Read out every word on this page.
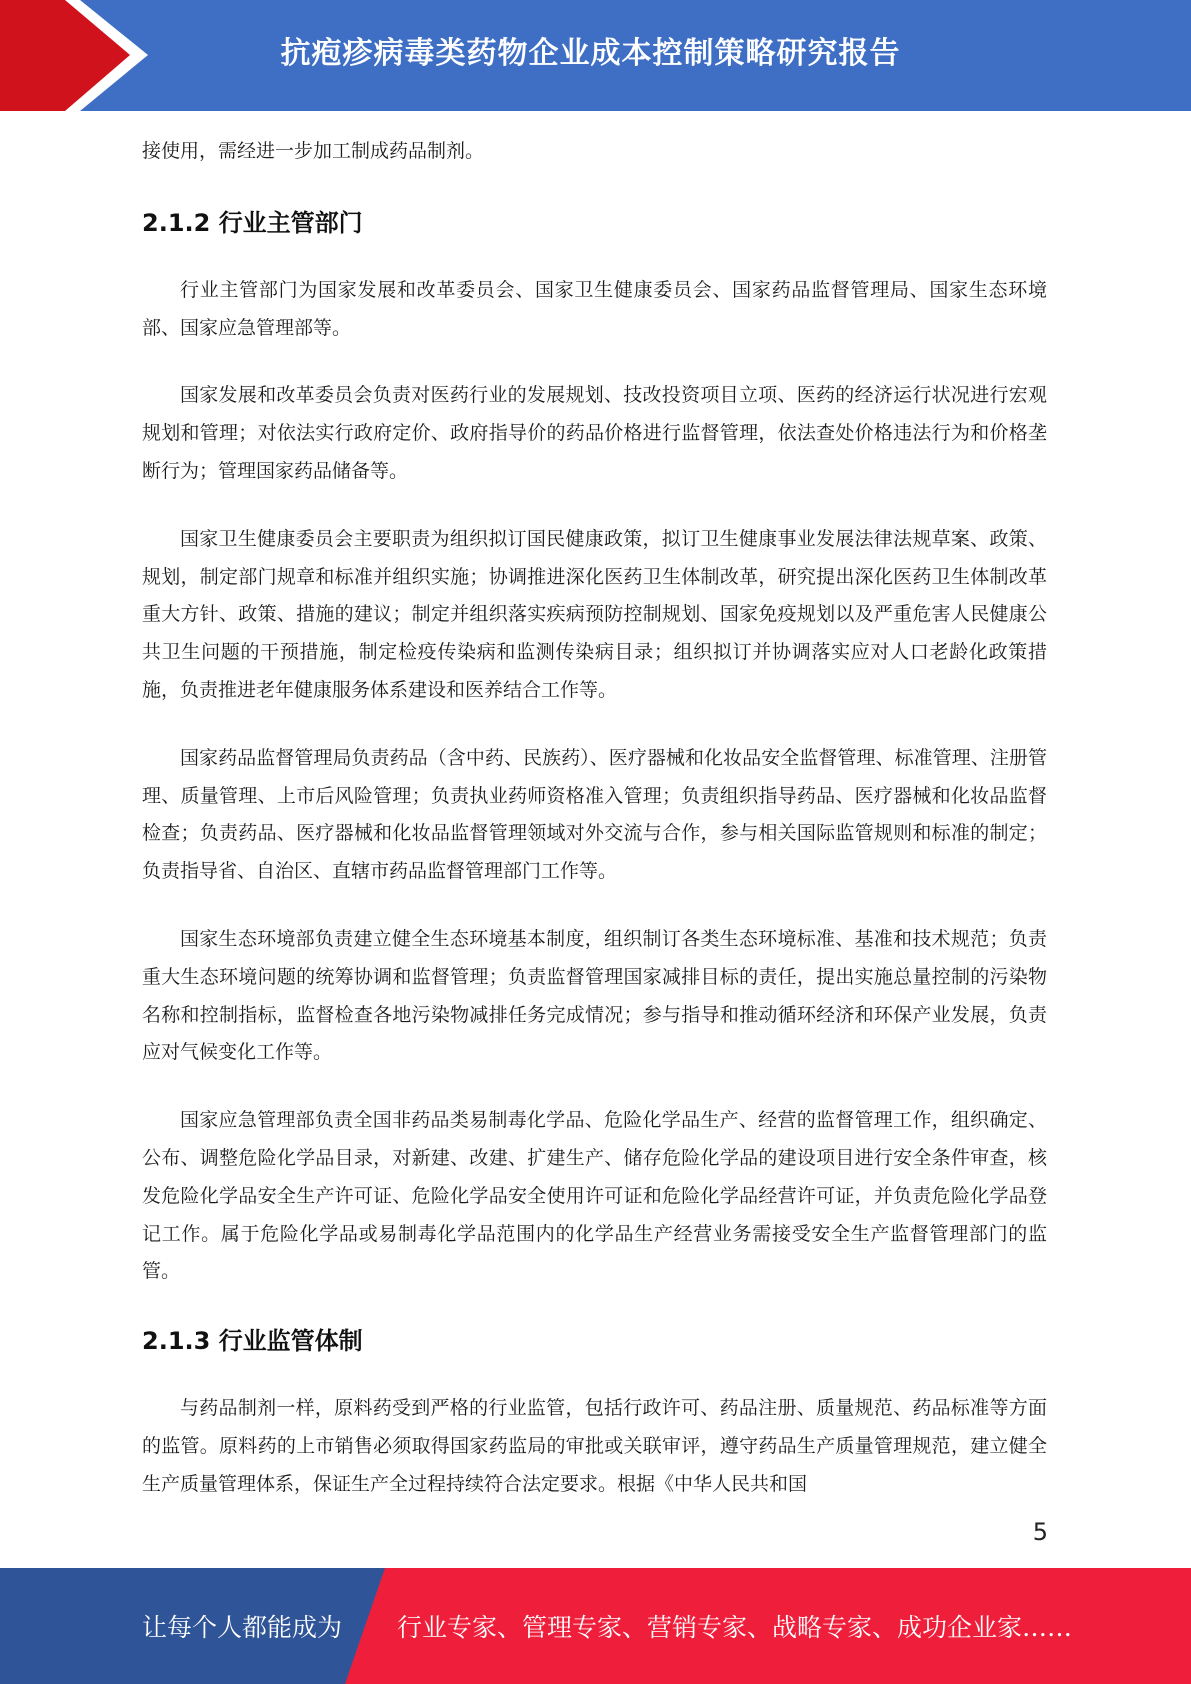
抗疱疹病毒类药物企业成本控制策略研究报告

接使用，需经进一步加工制成药品制剂。

2.1.2 行业主管部门

行业主管部门为国家发展和改革委员会、国家卫生健康委员会、国家药品监督管理局、国家生态环境部、国家应急管理部等。

国家发展和改革委员会负责对医药行业的发展规划、技改投资项目立项、医药的经济运行状况进行宏观规划和管理；对依法实行政府定价、政府指导价的药品价格进行监督管理，依法查处价格违法行为和价格垄断行为；管理国家药品储备等。

国家卫生健康委员会主要职责为组织拟订国民健康政策，拟订卫生健康事业发展法律法规草案、政策、规划，制定部门规章和标准并组织实施；协调推进深化医药卫生体制改革，研究提出深化医药卫生体制改革重大方针、政策、措施的建议；制定并组织落实疾病预防控制规划、国家免疫规划以及严重危害人民健康公共卫生问题的干预措施，制定检疫传染病和监测传染病目录；组织拟订并协调落实应对人口老龄化政策措施，负责推进老年健康服务体系建设和医养结合工作等。

国家药品监督管理局负责药品（含中药、民族药）、医疗器械和化妆品安全监督管理、标准管理、注册管理、质量管理、上市后风险管理；负责执业药师资格准入管理；负责组织指导药品、医疗器械和化妆品监督检查；负责药品、医疗器械和化妆品监督管理领域对外交流与合作，参与相关国际监管规则和标准的制定；负责指导省、自治区、直辖市药品监督管理部门工作等。

国家生态环境部负责建立健全生态环境基本制度，组织制订各类生态环境标准、基准和技术规范；负责重大生态环境问题的统筹协调和监督管理；负责监督管理国家减排目标的责任，提出实施总量控制的污染物名称和控制指标，监督检查各地污染物减排任务完成情况；参与指导和推动循环经济和环保产业发展，负责应对气候变化工作等。

国家应急管理部负责全国非药品类易制毒化学品、危险化学品生产、经营的监督管理工作，组织确定、公布、调整危险化学品目录，对新建、改建、扩建生产、储存危险化学品的建设项目进行安全条件审查，核发危险化学品安全生产许可证、危险化学品安全使用许可证和危险化学品经营许可证，并负责危险化学品登记工作。属于危险化学品或易制毒化学品范围内的化学品生产经营业务需接受安全生产监督管理部门的监管。

2.1.3 行业监管体制

与药品制剂一样，原料药受到严格的行业监管，包括行政许可、药品注册、质量规范、药品标准等方面的监管。原料药的上市销售必须取得国家药监局的审批或关联审评，遵守药品生产质量管理规范，建立健全生产质量管理体系，保证生产全过程持续符合法定要求。根据《中华人民共和国

5
让每个人都能成为 行业专家、管理专家、营销专家、战略专家、成功企业家……
